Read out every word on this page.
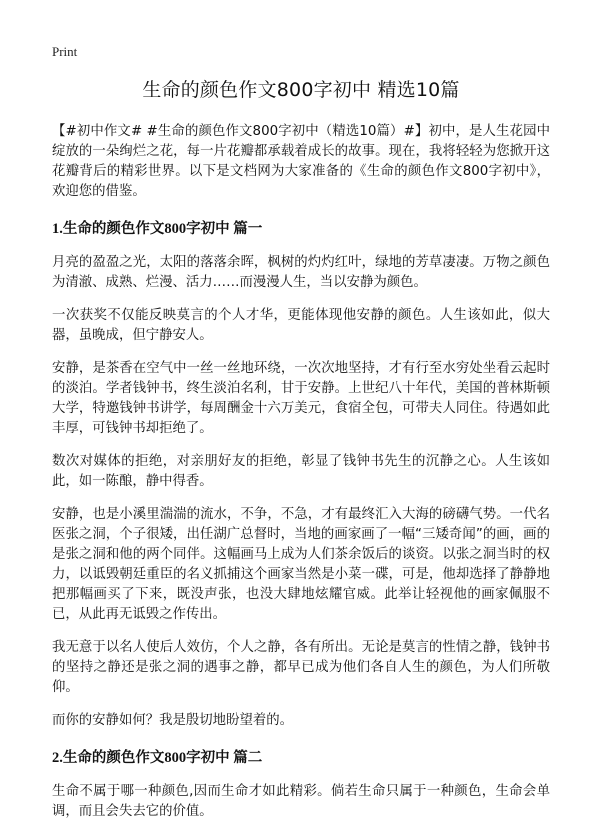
Print
生命的颜色作文800字初中 精选10篇

【#初中作文# #生命的颜色作文800字初中（精选10篇）#】初中，是人生花园中绽放的一朵绚烂之花，每一片花瓣都承载着成长的故事。现在，我将轻轻为您掀开这花瓣背后的精彩世界。以下是文档网为大家准备的《生命的颜色作文800字初中》，欢迎您的借鉴。

1.生命的颜色作文800字初中 篇一

月亮的盈盈之光，太阳的落落余晖，枫树的灼灼红叶，绿地的芳草凄凄。万物之颜色为清澈、成熟、烂漫、活力……而漫漫人生，当以安静为颜色。

一次获奖不仅能反映莫言的个人才华，更能体现他安静的颜色。人生该如此，似大器，虽晚成，但宁静安人。

安静，是茶香在空气中一丝一丝地环绕，一次次地坚持，才有行至水穷处坐看云起时的淡泊。学者钱钟书，终生淡泊名利，甘于安静。上世纪八十年代，美国的普林斯顿大学，特邀钱钟书讲学，每周酬金十六万美元，食宿全包，可带夫人同住。待遇如此丰厚，可钱钟书却拒绝了。

数次对媒体的拒绝，对亲朋好友的拒绝，彰显了钱钟书先生的沉静之心。人生该如此，如一陈酿，静中得香。

安静，也是小溪里湍湍的流水，不争，不急，才有最终汇入大海的磅礴气势。一代名医张之洞，个子很矮，出任湖广总督时，当地的画家画了一幅“三矮奇闻”的画，画的是张之洞和他的两个同伴。这幅画马上成为人们茶余饭后的谈资。以张之洞当时的权力，以诋毁朝廷重臣的名义抓捕这个画家当然是小菜一碟，可是，他却选择了静静地把那幅画买了下来，既没声张，也没大肆地炫耀官威。此举让轻视他的画家佩服不已，从此再无诋毁之作传出。

我无意于以名人使后人效仿，个人之静，各有所出。无论是莫言的性情之静，钱钟书的坚持之静还是张之洞的遇事之静，都早已成为他们各自人生的颜色，为人们所敬仰。

而你的安静如何？我是殷切地盼望着的。

2.生命的颜色作文800字初中 篇二

生命不属于哪一种颜色,因而生命才如此精彩。倘若生命只属于一种颜色，生命会单调，而且会失去它的价值。
